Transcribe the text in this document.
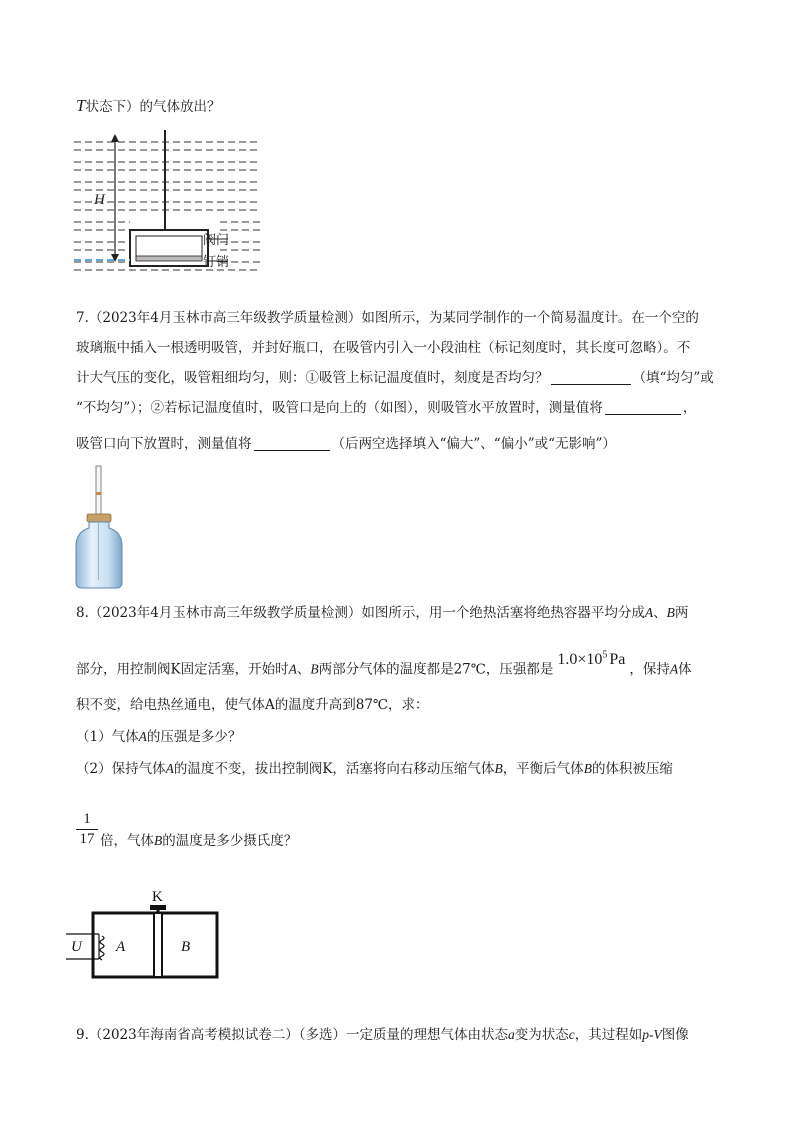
T状态下）的气体放出？
H
阀门
钉销
7.（2023年4月玉林市高三年级教学质量检测）如图所示，为某同学制作的一个简易温度计。在一个空的
玻璃瓶中插入一根透明吸管，并封好瓶口，在吸管内引入一小段油柱（标记刻度时，其长度可忽略）。不
计大气压的变化，吸管粗细均匀，则：①吸管上标记温度值时，刻度是否均匀？	（填“均匀”或
“不均匀”）；②若标记温度值时，吸管口是向上的（如图），则吸管水平放置时，测量值将	，
吸管口向下放置时，测量值将	（后两空选择填入“偏大”、“偏小”或“无影响”）
8.（2023年4月玉林市高三年级教学质量检测）如图所示，用一个绝热活塞将绝热容器平均分成A、B两
部分，用控制阀K固定活塞，开始时A、B两部分气体的温度都是27℃，压强都是$1.0\times 10^5$ Pa，保持A体
积不变，给电热丝通电，使气体A的温度升高到87℃，求：
（1）气体A的压强是多少？
（2）保持气体A的温度不变，拔出控制阀K，活塞将向右移动压缩气体B，平衡后气体B的体积被压缩
1
17 倍，气体B的温度是多少摄氏度？
K
U A	B
9.（2023年海南省高考模拟试卷二）（多选）一定质量的理想气体由状态a变为状态c，其过程如p-V图像
